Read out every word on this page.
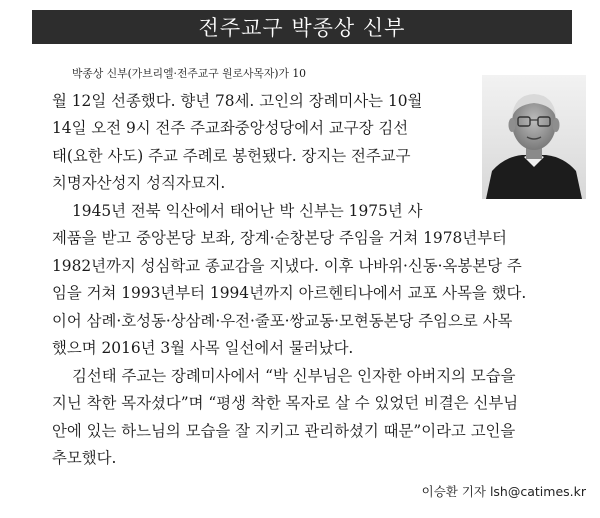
전주교구 박종상 신부

박종상 신부(가브리엘·전주교구 원로사목자)가 10
월 12일 선종했다. 향년 78세. 고인의 장례미사는 10월
14일 오전 9시 전주 주교좌중앙성당에서 교구장 김선
태(요한 사도) 주교 주례로 봉헌됐다. 장지는 전주교구
치명자산성지 성직자묘지.

1945년 전북 익산에서 태어난 박 신부는 1975년 사
제품을 받고 중앙본당 보좌, 장계·순창본당 주임을 거쳐 1978년부터
1982년까지 성심학교 종교감을 지냈다. 이후 나바위·신동·옥봉본당 주
임을 거쳐 1993년부터 1994년까지 아르헨티나에서 교포 사목을 했다.
이어 삼례·호성동·상삼례·우전·줄포·쌍교동·모현동본당 주임으로 사목
했으며 2016년 3월 사목 일선에서 물러났다.

김선태 주교는 장례미사에서 “박 신부님은 인자한 아버지의 모습을
지닌 착한 목자셨다”며 “평생 착한 목자로 살 수 있었던 비결은 신부님
안에 있는 하느님의 모습을 잘 지키고 관리하셨기 때문”이라고 고인을
추모했다.

이승환 기자 lsh@catimes.kr
